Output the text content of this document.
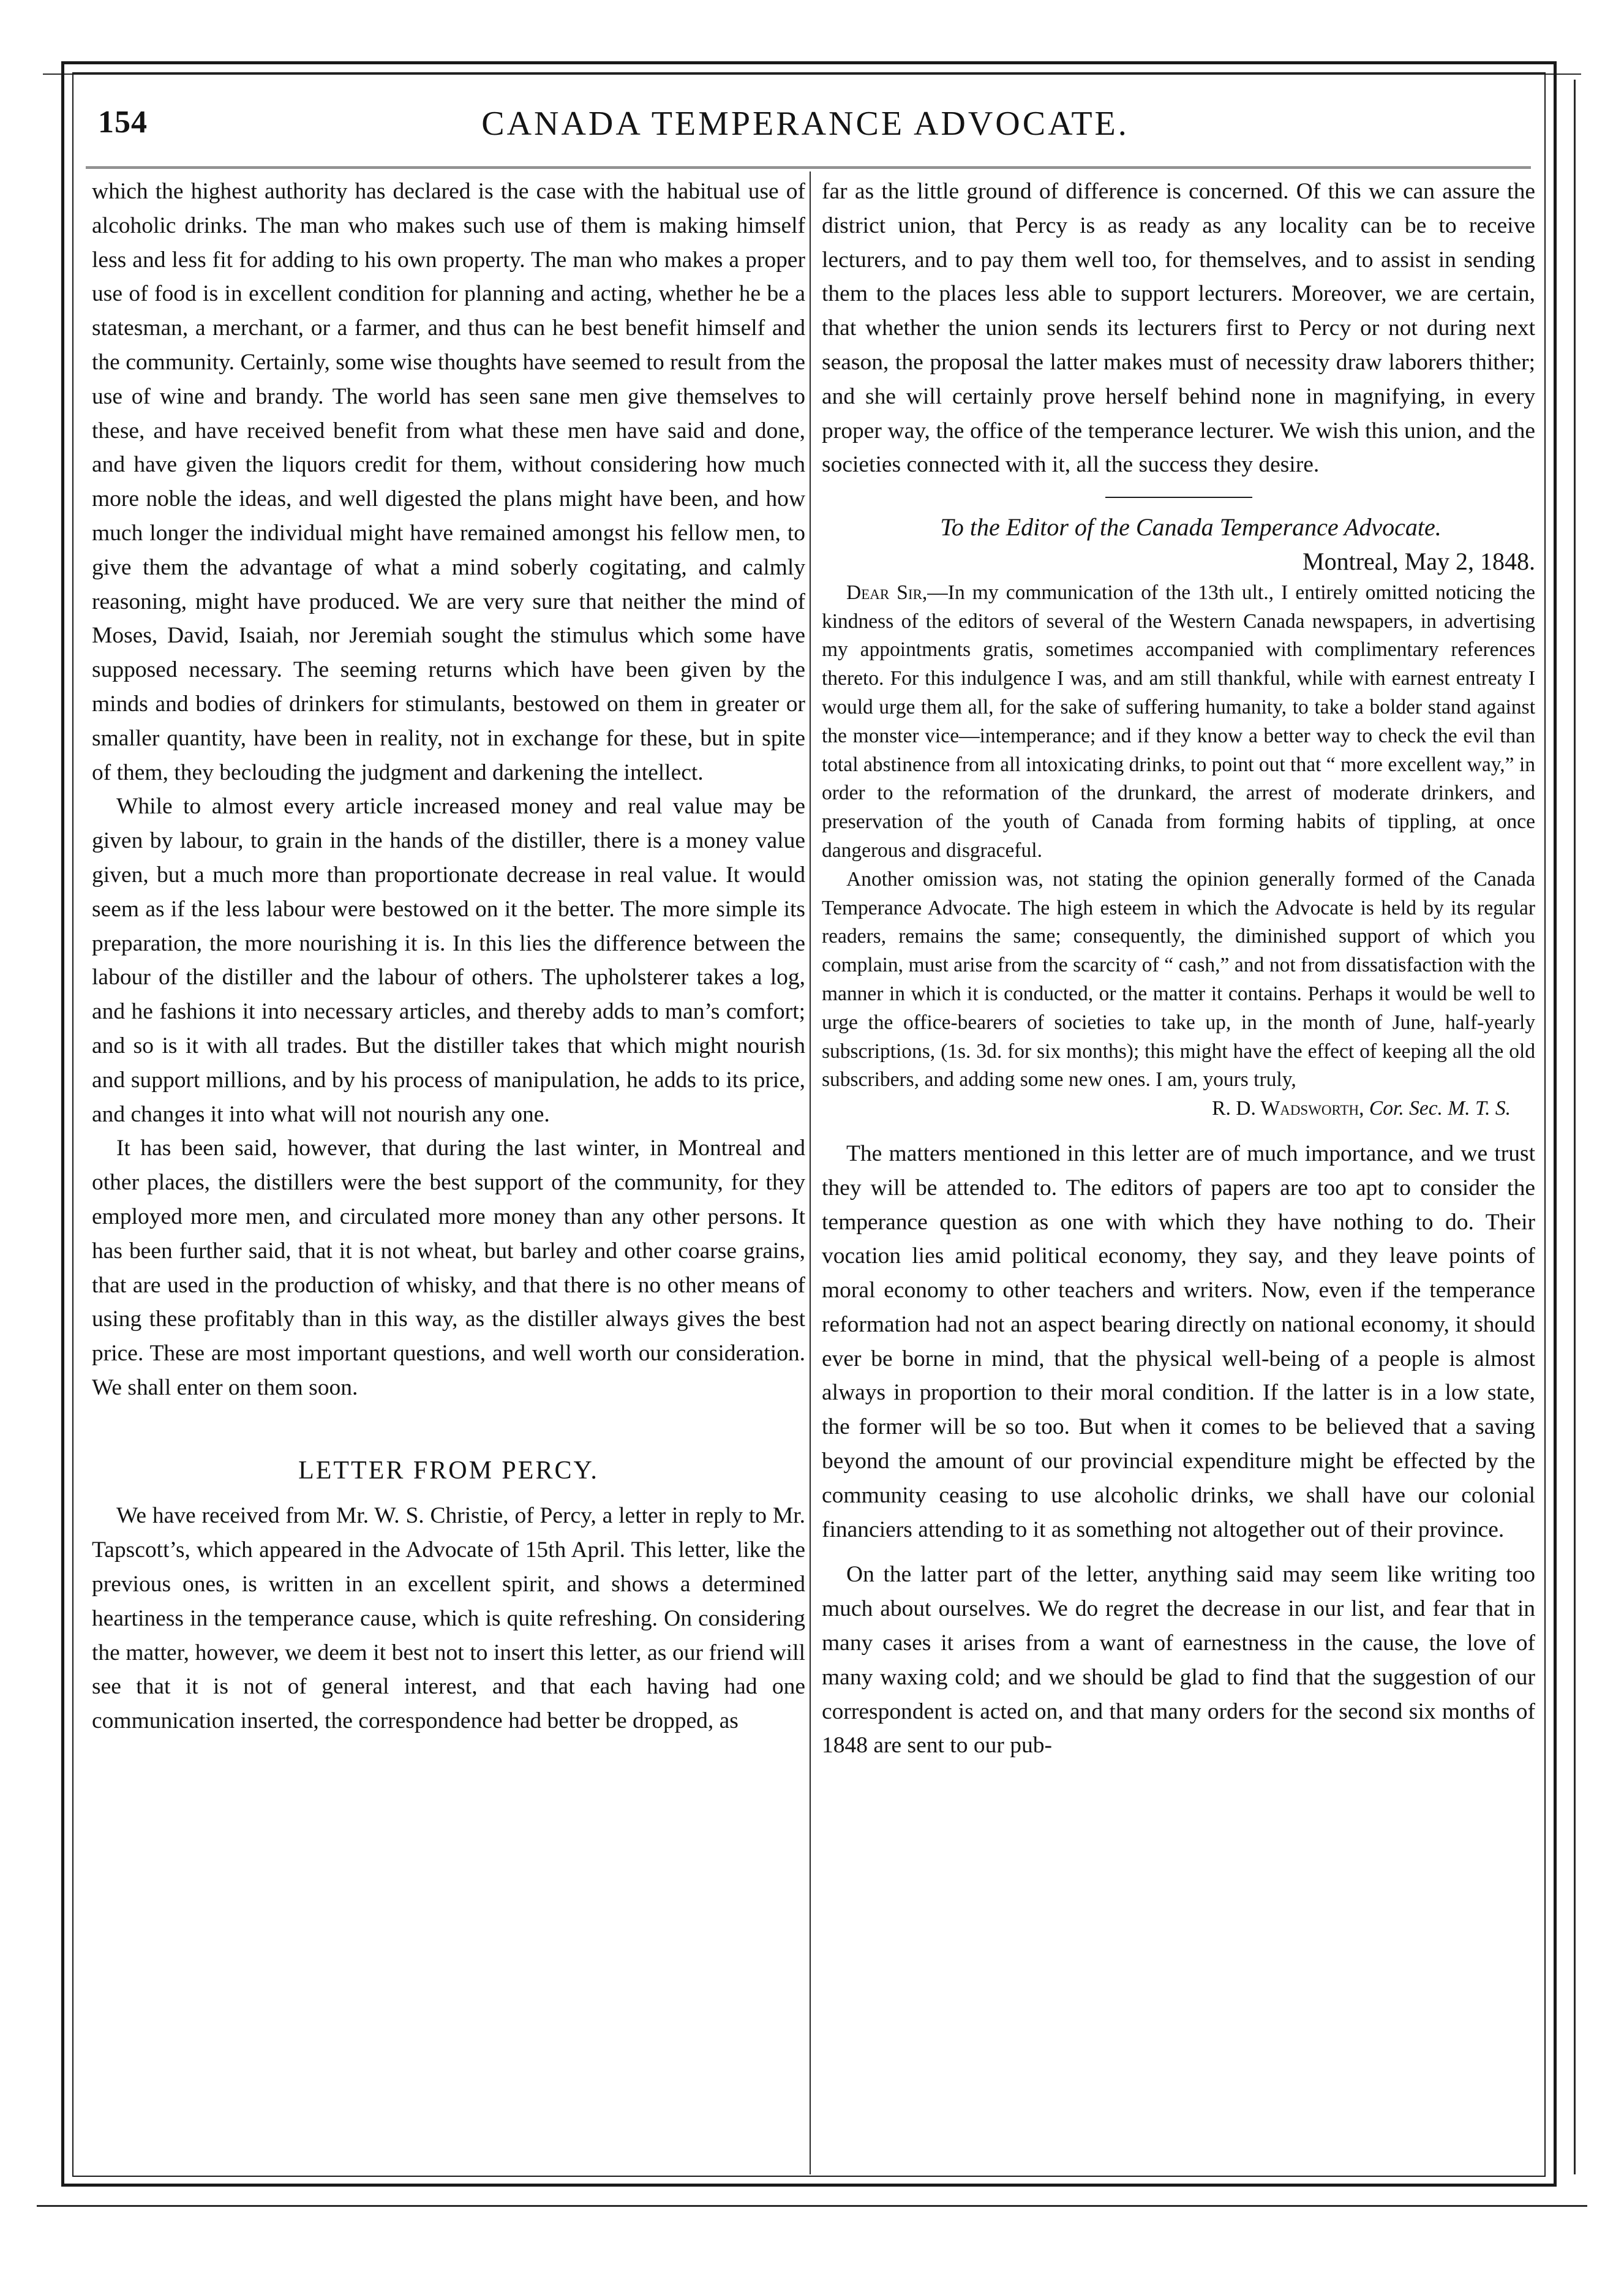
154	CANADA TEMPERANCE ADVOCATE.

which the highest authority has declared is the case with the habitual use of alcoholic drinks. The man who makes such use of them is making himself less and less fit for adding to his own property. The man who makes a proper use of food is in excellent condition for planning and acting, whether he be a statesman, a merchant, or a farmer, and thus can he best benefit himself and the community. Certainly, some wise thoughts have seemed to result from the use of wine and brandy. The world has seen sane men give themselves to these, and have received benefit from what these men have said and done, and have given the liquors credit for them, without considering how much more noble the ideas, and well digested the plans might have been, and how much longer the individual might have remained amongst his fellow men, to give them the advantage of what a mind soberly cogitating, and calmly reasoning, might have produced. We are very sure that neither the mind of Moses, David, Isaiah, nor Jeremiah sought the stimulus which some have supposed necessary. The seeming returns which have been given by the minds and bodies of drinkers for stimulants, bestowed on them in greater or smaller quantity, have been in reality, not in exchange for these, but in spite of them, they beclouding the judgment and darkening the intellect.

While to almost every article increased money and real value may be given by labour, to grain in the hands of the distiller, there is a money value given, but a much more than proportionate decrease in real value. It would seem as if the less labour were bestowed on it the better. The more simple its preparation, the more nourishing it is. In this lies the difference between the labour of the distiller and the labour of others. The upholsterer takes a log, and he fashions it into necessary articles, and thereby adds to man’s comfort; and so is it with all trades. But the distiller takes that which might nourish and support millions, and by his process of manipulation, he adds to its price, and changes it into what will not nourish any one.

It has been said, however, that during the last winter, in Montreal and other places, the distillers were the best support of the community, for they employed more men, and circulated more money than any other persons. It has been further said, that it is not wheat, but barley and other coarse grains, that are used in the production of whisky, and that there is no other means of using these profitably than in this way, as the distiller always gives the best price. These are most important questions, and well worth our consideration. We shall enter on them soon.

LETTER FROM PERCY.

We have received from Mr. W. S. Christie, of Percy, a letter in reply to Mr. Tapscott’s, which appeared in the Advocate of 15th April. This letter, like the previous ones, is written in an excellent spirit, and shows a determined heartiness in the temperance cause, which is quite refreshing. On considering the matter, however, we deem it best not to insert this letter, as our friend will see that it is not of general interest, and that each having had one communication inserted, the correspondence had better be dropped, as

far as the little ground of difference is concerned. Of this we can assure the district union, that Percy is as ready as any locality can be to receive lecturers, and to pay them well too, for themselves, and to assist in sending them to the places less able to support lecturers. Moreover, we are certain, that whether the union sends its lecturers first to Percy or not during next season, the proposal the latter makes must of necessity draw laborers thither; and she will certainly prove herself behind none in magnifying, in every proper way, the office of the temperance lecturer. We wish this union, and the societies connected with it, all the success they desire.

To the Editor of the Canada Temperance Advocate.

Montreal, May 2, 1848.

Dear Sir,—In my communication of the 13th ult., I entirely omitted noticing the kindness of the editors of several of the Western Canada newspapers, in advertising my appointments gratis, sometimes accompanied with complimentary references thereto. For this indulgence I was, and am still thankful, while with earnest entreaty I would urge them all, for the sake of suffering humanity, to take a bolder stand against the monster vice—intemperance; and if they know a better way to check the evil than total abstinence from all intoxicating drinks, to point out that “ more excellent way,” in order to the reformation of the drunkard, the arrest of moderate drinkers, and preservation of the youth of Canada from forming habits of tippling, at once dangerous and disgraceful.

Another omission was, not stating the opinion generally formed of the Canada Temperance Advocate. The high esteem in which the Advocate is held by its regular readers, remains the same; consequently, the diminished support of which you complain, must arise from the scarcity of “ cash,” and not from dissatisfaction with the manner in which it is conducted, or the matter it contains. Perhaps it would be well to urge the office-bearers of societies to take up, in the month of June, half-yearly subscriptions, (1s. 3d. for six months); this might have the effect of keeping all the old subscribers, and adding some new ones. I am, yours truly,

R. D. Wadsworth, Cor. Sec. M. T. S.

The matters mentioned in this letter are of much importance, and we trust they will be attended to. The editors of papers are too apt to consider the temperance question as one with which they have nothing to do. Their vocation lies amid political economy, they say, and they leave points of moral economy to other teachers and writers. Now, even if the temperance reformation had not an aspect bearing directly on national economy, it should ever be borne in mind, that the physical well-being of a people is almost always in proportion to their moral condition. If the latter is in a low state, the former will be so too. But when it comes to be believed that a saving beyond the amount of our provincial expenditure might be effected by the community ceasing to use alcoholic drinks, we shall have our colonial financiers attending to it as something not altogether out of their province.

On the latter part of the letter, anything said may seem like writing too much about ourselves. We do regret the decrease in our list, and fear that in many cases it arises from a want of earnestness in the cause, the love of many waxing cold; and we should be glad to find that the suggestion of our correspondent is acted on, and that many orders for the second six months of 1848 are sent to our pub-
